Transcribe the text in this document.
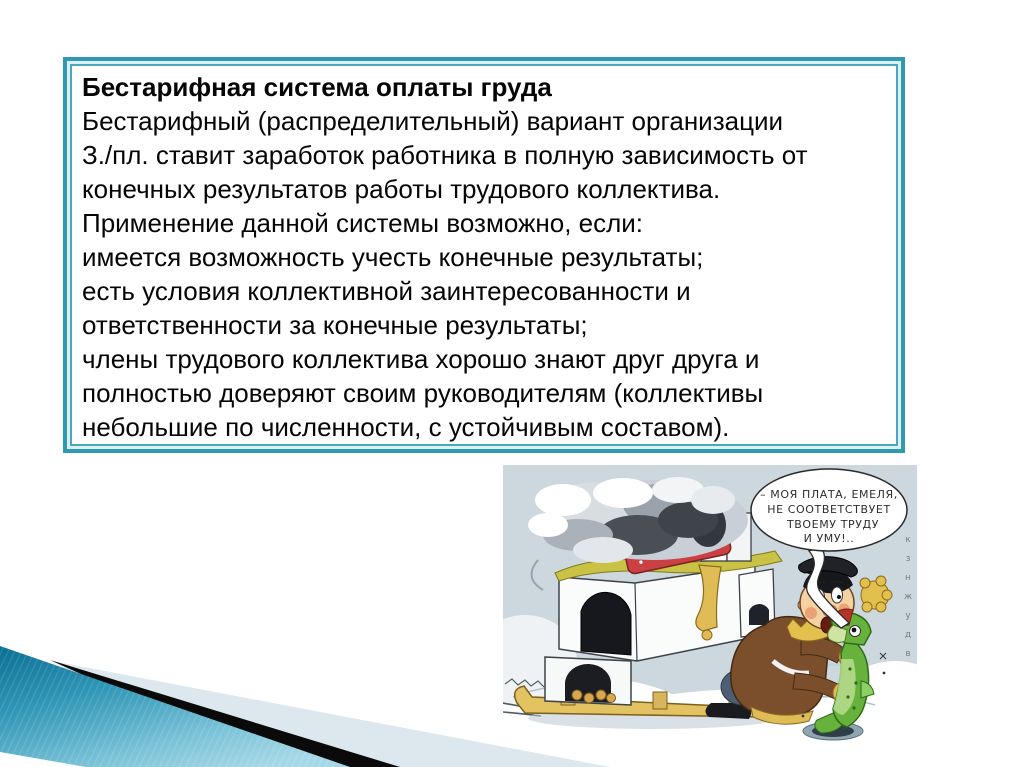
Бестарифная система оплаты груда
Бестарифный (распределительный) вариант организации
З./пл. ставит заработок работника в полную зависимость от
конечных результатов работы трудового коллектива.
Применение данной системы возможно, если:
имеется возможность учесть конечные результаты;
есть условия коллективной заинтересованности и
ответственности за конечные результаты;
члены трудового коллектива хорошо знают друг друга и
полностью доверяют своим руководителям (коллективы
небольшие по численности, с устойчивым составом).
– МОЯ ПЛАТА, ЕМЕЛЯ,
НЕ СООТВЕТСТВУЕТ
ТВОЕМУ ТРУДУ
И УМУ!..	кзнжудв
